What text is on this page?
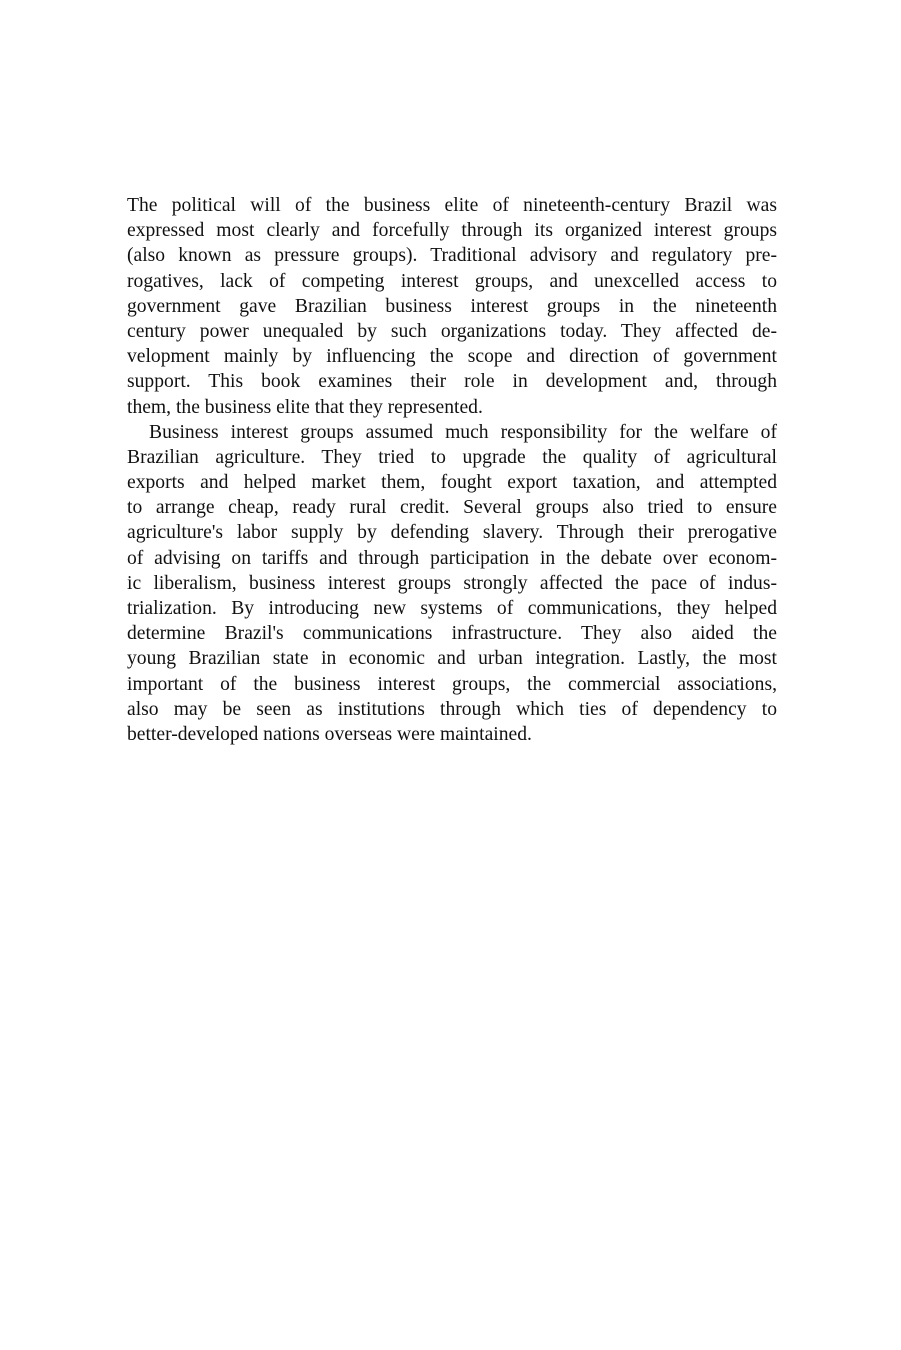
The political will of the business elite of nineteenth-century Brazil was
expressed most clearly and forcefully through its organized interest groups
(also known as pressure groups). Traditional advisory and regulatory pre-
rogatives, lack of competing interest groups, and unexcelled access to
government gave Brazilian business interest groups in the nineteenth
century power unequaled by such organizations today. They affected de-
velopment mainly by influencing the scope and direction of government
support. This book examines their role in development and, through
them, the business elite that they represented.
Business interest groups assumed much responsibility for the welfare of
Brazilian agriculture. They tried to upgrade the quality of agricultural
exports and helped market them, fought export taxation, and attempted
to arrange cheap, ready rural credit. Several groups also tried to ensure
agriculture's labor supply by defending slavery. Through their prerogative
of advising on tariffs and through participation in the debate over econom-
ic liberalism, business interest groups strongly affected the pace of indus-
trialization. By introducing new systems of communications, they helped
determine Brazil's communications infrastructure. They also aided the
young Brazilian state in economic and urban integration. Lastly, the most
important of the business interest groups, the commercial associations,
also may be seen as institutions through which ties of dependency to
better-developed nations overseas were maintained.
